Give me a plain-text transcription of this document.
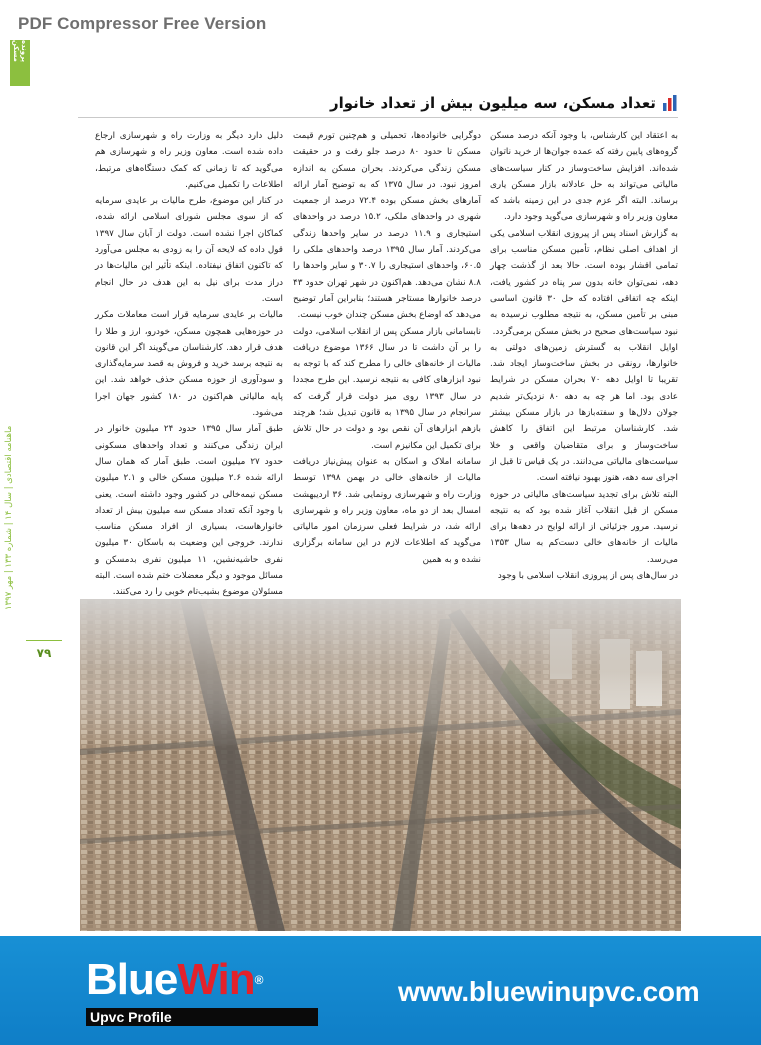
PDF Compressor Free Version
پرونده مسکن
ماهنامه اقتصادی | سال ۱۴ | شماره ۱۳۳ | مهر ۱۳۹۷
۷۹
تعداد مسکن، سه میلیون بیش از تعداد خانوار

به اعتقاد این کارشناس، با وجود آنکه درصد مسکن گروه‌های پایین رفته که عمده جوان‌ها از خرید ناتوان شده‌اند. افزایش ساخت‌وساز در کنار سیاست‌های مالیاتی می‌تواند به حل عادلانه بازار مسکن یاری برساند. البته اگر عزم جدی در این زمینه باشد که معاون وزیر راه و شهرسازی می‌گوید وجود دارد.

به گزارش اسناد پس از پیروزی انقلاب اسلامی یکی از اهداف اصلی نظام، تأمین مسکن مناسب برای تمامی اقشار بوده است. حالا بعد از گذشت چهار دهه، نمی‌توان خانه بدون سر پناه در کشور یافت، اینکه چه اتفاقی افتاده که حل ۳۰ قانون اساسی مبنی بر تأمین مسکن، به نتیجه مطلوب نرسیده به نبود سیاست‌های صحیح در بخش مسکن برمی‌گردد.

اوایل انقلاب به گسترش زمین‌های دولتی به خانوارها، رونقی در بخش ساخت‌وساز ایجاد شد. تقریبا تا اوایل دهه ۷۰ بحران مسکن در شرایط عادی بود. اما هر چه به دهه ۸۰ نزدیک‌تر شدیم جولان دلال‌ها و سفته‌بازها در بازار مسکن بیشتر شد. کارشناسان مرتبط این اتفاق را کاهش ساخت‌وساز و برای متقاضیان واقعی و خلا سیاست‌های مالیاتی می‌دانند. در یک قیاس تا قبل از اجرای سه دهه، هنوز بهبود نیافته است.

البته تلاش برای تجدید سیاست‌های مالیاتی در حوزه مسکن از قبل انقلاب آغاز شده بود که به نتیجه نرسید. مرور جزئیاتی از ارائه لوایح در دهه‌ها برای مالیات از خانه‌های خالی دست‌کم به سال ۱۳۵۳ می‌رسد.

در سال‌های پس از پیروزی انقلاب اسلامی با وجود

دوگرایی خانواده‌ها، تحمیلی و هم‌چنین تورم قیمت مسکن تا حدود ۸۰ درصد جلو رفت و در حقیقت مسکن زندگی می‌کردند. بحران مسکن به اندازه امروز نبود. در سال ۱۳۷۵ که به توضیح آمار ارائه آمارهای بخش مسکن بوده ۷۲.۴ درصد از جمعیت شهری در واحدهای ملکی، ۱۵.۲ درصد در واحدهای استیجاری و ۱۱.۹ درصد در سایر واحدها زندگی می‌کردند. آمار سال ۱۳۹۵ درصد واحدهای ملکی را ۶۰.۵، واحدهای استیجاری را ۳۰.۷ و سایر واحدها را ۸.۸ نشان می‌دهد. هم‌اکنون در شهر تهران حدود ۴۳ درصد خانوارها مستاجر هستند؛ بنابراین آمار توضیح می‌دهد که اوضاع بخش مسکن چندان خوب نیست.

نابسامانی بازار مسکن پس از انقلاب اسلامی، دولت را بر آن داشت تا در سال ۱۳۶۶ موضوع دریافت مالیات از خانه‌های خالی را مطرح کند که با توجه به نبود ابزارهای کافی به نتیجه نرسید. این طرح مجددا در سال ۱۳۹۳ روی میز دولت قرار گرفت که سرانجام در سال ۱۳۹۵ به قانون تبدیل شد؛ هرچند بازهم ابزارهای آن نقص بود و دولت در حال تلاش برای تکمیل این مکانیزم است.

سامانه املاک و اسکان به عنوان پیش‌نیاز دریافت مالیات از خانه‌های خالی در بهمن ۱۳۹۸ توسط وزارت راه و شهرسازی رونمایی شد. ۳۶ اردیبهشت امسال بعد از دو ماه، معاون وزیر راه و شهرسازی ارائه شد، در شرایط فعلی سرزمان امور مالیاتی می‌گوید که اطلاعات لازم در این سامانه برگزاری نشده و به همین

دلیل دارد دیگر به وزارت راه و شهرسازی ارجاع داده شده است. معاون وزیر راه و شهرسازی هم می‌گوید که تا زمانی که کمک دستگاه‌های مرتبط، اطلاعات را تکمیل می‌کنیم.

در کنار این موضوع، طرح مالیات بر عایدی سرمایه که از سوی مجلس شورای اسلامی ارائه شده، کماکان اجرا نشده است. دولت از آبان سال ۱۳۹۷ قول داده که لایحه آن را به زودی به مجلس می‌آورد که تاکنون اتفاق نیفتاده. اینکه تأثیر این مالیات‌ها در دراز مدت برای نیل به این هدف در حال انجام است.

مالیات بر عایدی سرمایه قرار است معاملات مکرر در حوزه‌هایی همچون مسکن، خودرو، ارز و طلا را هدف قرار دهد. کارشناسان می‌گویند اگر این قانون به نتیجه برسد خرید و فروش به قصد سرمایه‌گذاری و سودآوری از حوزه مسکن حذف خواهد شد. این پایه مالیاتی هم‌اکنون در ۱۸۰ کشور جهان اجرا می‌شود.

طبق آمار سال ۱۳۹۵ حدود ۲۴ میلیون خانوار در ایران زندگی می‌کنند و تعداد واحدهای مسکونی حدود ۲۷ میلیون است. طبق آمار که همان سال ارائه شده ۲.۶ میلیون مسکن خالی و ۲.۱ میلیون مسکن نیمه‌خالی در کشور وجود داشته است. یعنی با وجود آنکه تعداد مسکن سه میلیون بیش از تعداد خانوارهاست، بسیاری از افراد مسکن مناسب ندارند. خروجی این وضعیت به باسکان ۳۰ میلیون نفری حاشیه‌نشین، ۱۱ میلیون نفری بدمسکن و مسائل موجود و دیگر معضلات ختم شده است. البته مسئولان موضوع بشیب‌تام خوبی را رد می‌کنند.

BlueWin®
Upvc Profile
www.bluewinupvc.com
